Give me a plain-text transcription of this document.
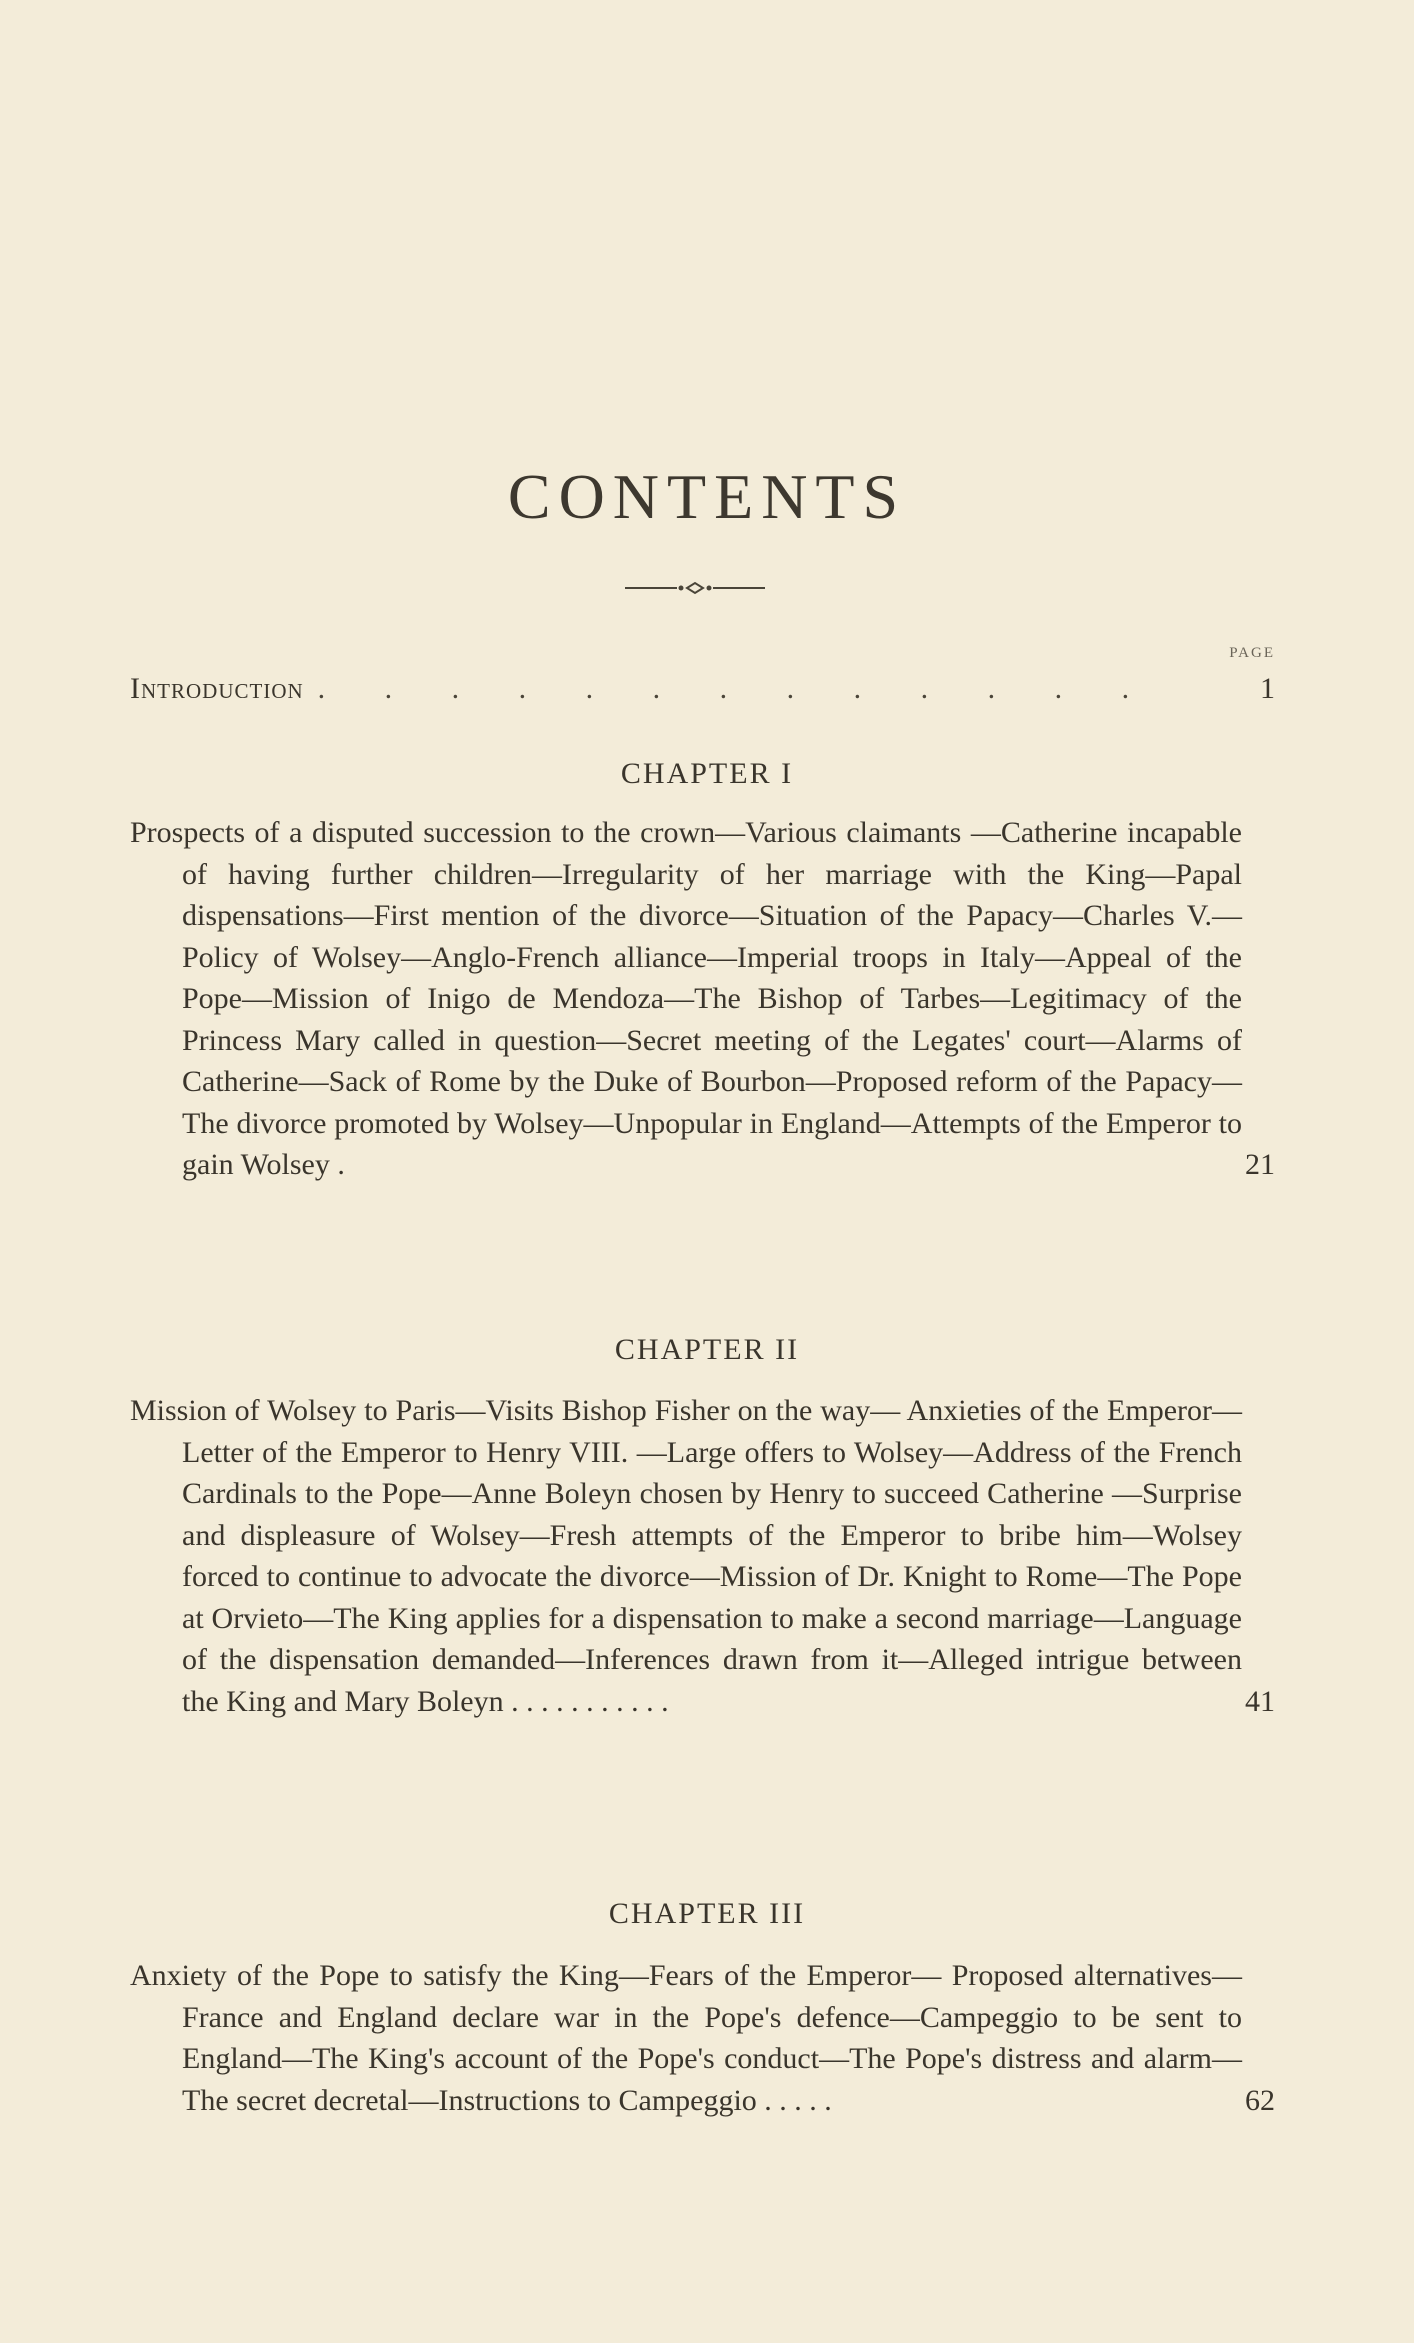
CONTENTS
PAGE
Introduction . . . . . . . . . . . . .	1
CHAPTER I
Prospects of a disputed succession to the crown—Various claimants —Catherine incapable of having further children—Irregularity of her marriage with the King—Papal dispensations—First mention of the divorce—Situation of the Papacy—Charles V.— Policy of Wolsey—Anglo-French alliance—Imperial troops in Italy—Appeal of the Pope—Mission of Inigo de Mendoza—The Bishop of Tarbes—Legitimacy of the Princess Mary called in question—Secret meeting of the Legates' court—Alarms of Catherine—Sack of Rome by the Duke of Bourbon—Proposed reform of the Papacy—The divorce promoted by Wolsey—Unpopular in England—Attempts of the Emperor to gain Wolsey .	21
CHAPTER II
Mission of Wolsey to Paris—Visits Bishop Fisher on the way— Anxieties of the Emperor—Letter of the Emperor to Henry VIII. —Large offers to Wolsey—Address of the French Cardinals to the Pope—Anne Boleyn chosen by Henry to succeed Catherine —Surprise and displeasure of Wolsey—Fresh attempts of the Emperor to bribe him—Wolsey forced to continue to advocate the divorce—Mission of Dr. Knight to Rome—The Pope at Orvieto—The King applies for a dispensation to make a second marriage—Language of the dispensation demanded—Inferences drawn from it—Alleged intrigue between the King and Mary Boleyn . . . . . . . . . . .	41
CHAPTER III
Anxiety of the Pope to satisfy the King—Fears of the Emperor— Proposed alternatives—France and England declare war in the Pope's defence—Campeggio to be sent to England—The King's account of the Pope's conduct—The Pope's distress and alarm— The secret decretal—Instructions to Campeggio . . . . .	62
